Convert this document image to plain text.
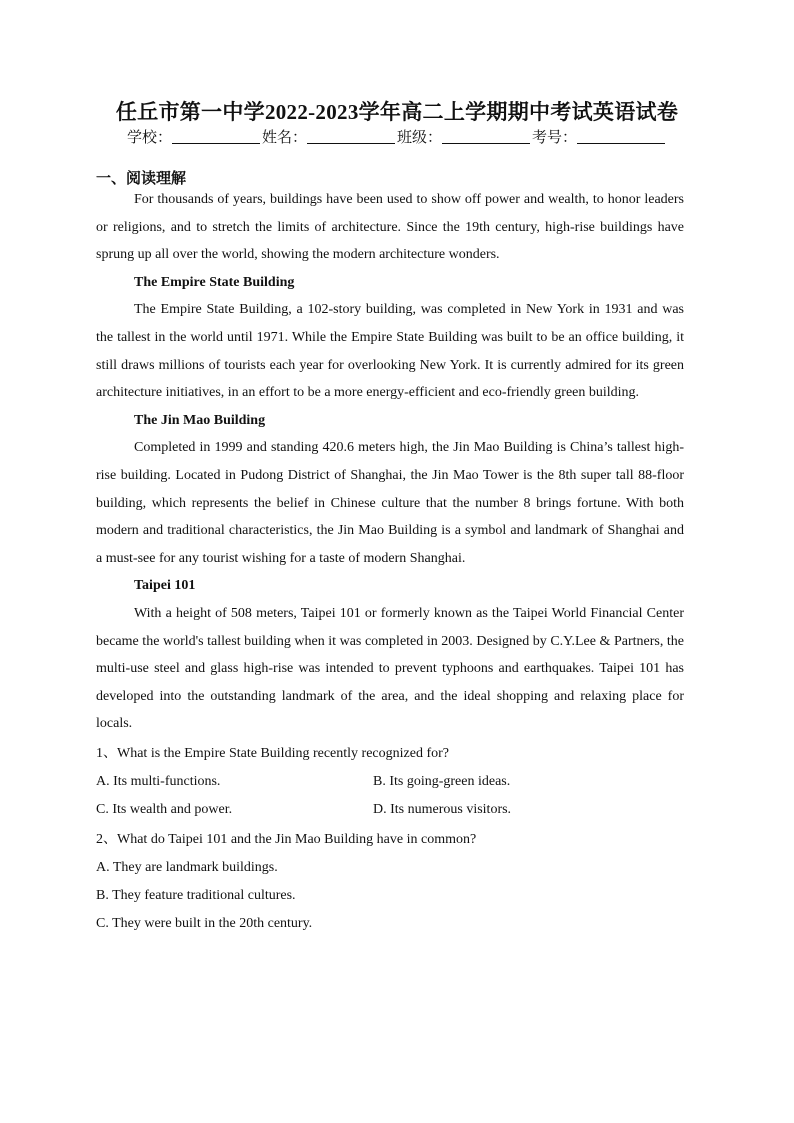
任丘市第一中学2022-2023学年高二上学期期中考试英语试卷
学校：	姓名：	班级：	考号：
一、阅读理解

For thousands of years, buildings have been used to show off power and wealth, to honor leaders or religions, and to stretch the limits of architecture. Since the 19th century, high-rise buildings have sprung up all over the world, showing the modern architecture wonders.

The Empire State Building

The Empire State Building, a 102-story building, was completed in New York in 1931 and was the tallest in the world until 1971. While the Empire State Building was built to be an office building, it still draws millions of tourists each year for overlooking New York. It is currently admired for its green architecture initiatives, in an effort to be a more energy-efficient and eco-friendly green building.

The Jin Mao Building

Completed in 1999 and standing 420.6 meters high, the Jin Mao Building is China’s tallest high-rise building. Located in Pudong District of Shanghai, the Jin Mao Tower is the 8th super tall 88-floor building, which represents the belief in Chinese culture that the number 8 brings fortune. With both modern and traditional characteristics, the Jin Mao Building is a symbol and landmark of Shanghai and a must-see for any tourist wishing for a taste of modern Shanghai.

Taipei 101

With a height of 508 meters, Taipei 101 or formerly known as the Taipei World Financial Center became the world's tallest building when it was completed in 2003. Designed by C.Y.Lee & Partners, the multi-use steel and glass high-rise was intended to prevent typhoons and earthquakes. Taipei 101 has developed into the outstanding landmark of the area, and the ideal shopping and relaxing place for locals.

1、What is the Empire State Building recently recognized for?
A. Its multi-functions.	B. Its going-green ideas.
C. Its wealth and power.	D. Its numerous visitors.
2、What do Taipei 101 and the Jin Mao Building have in common?
A. They are landmark buildings.
B. They feature traditional cultures.
C. They were built in the 20th century.
